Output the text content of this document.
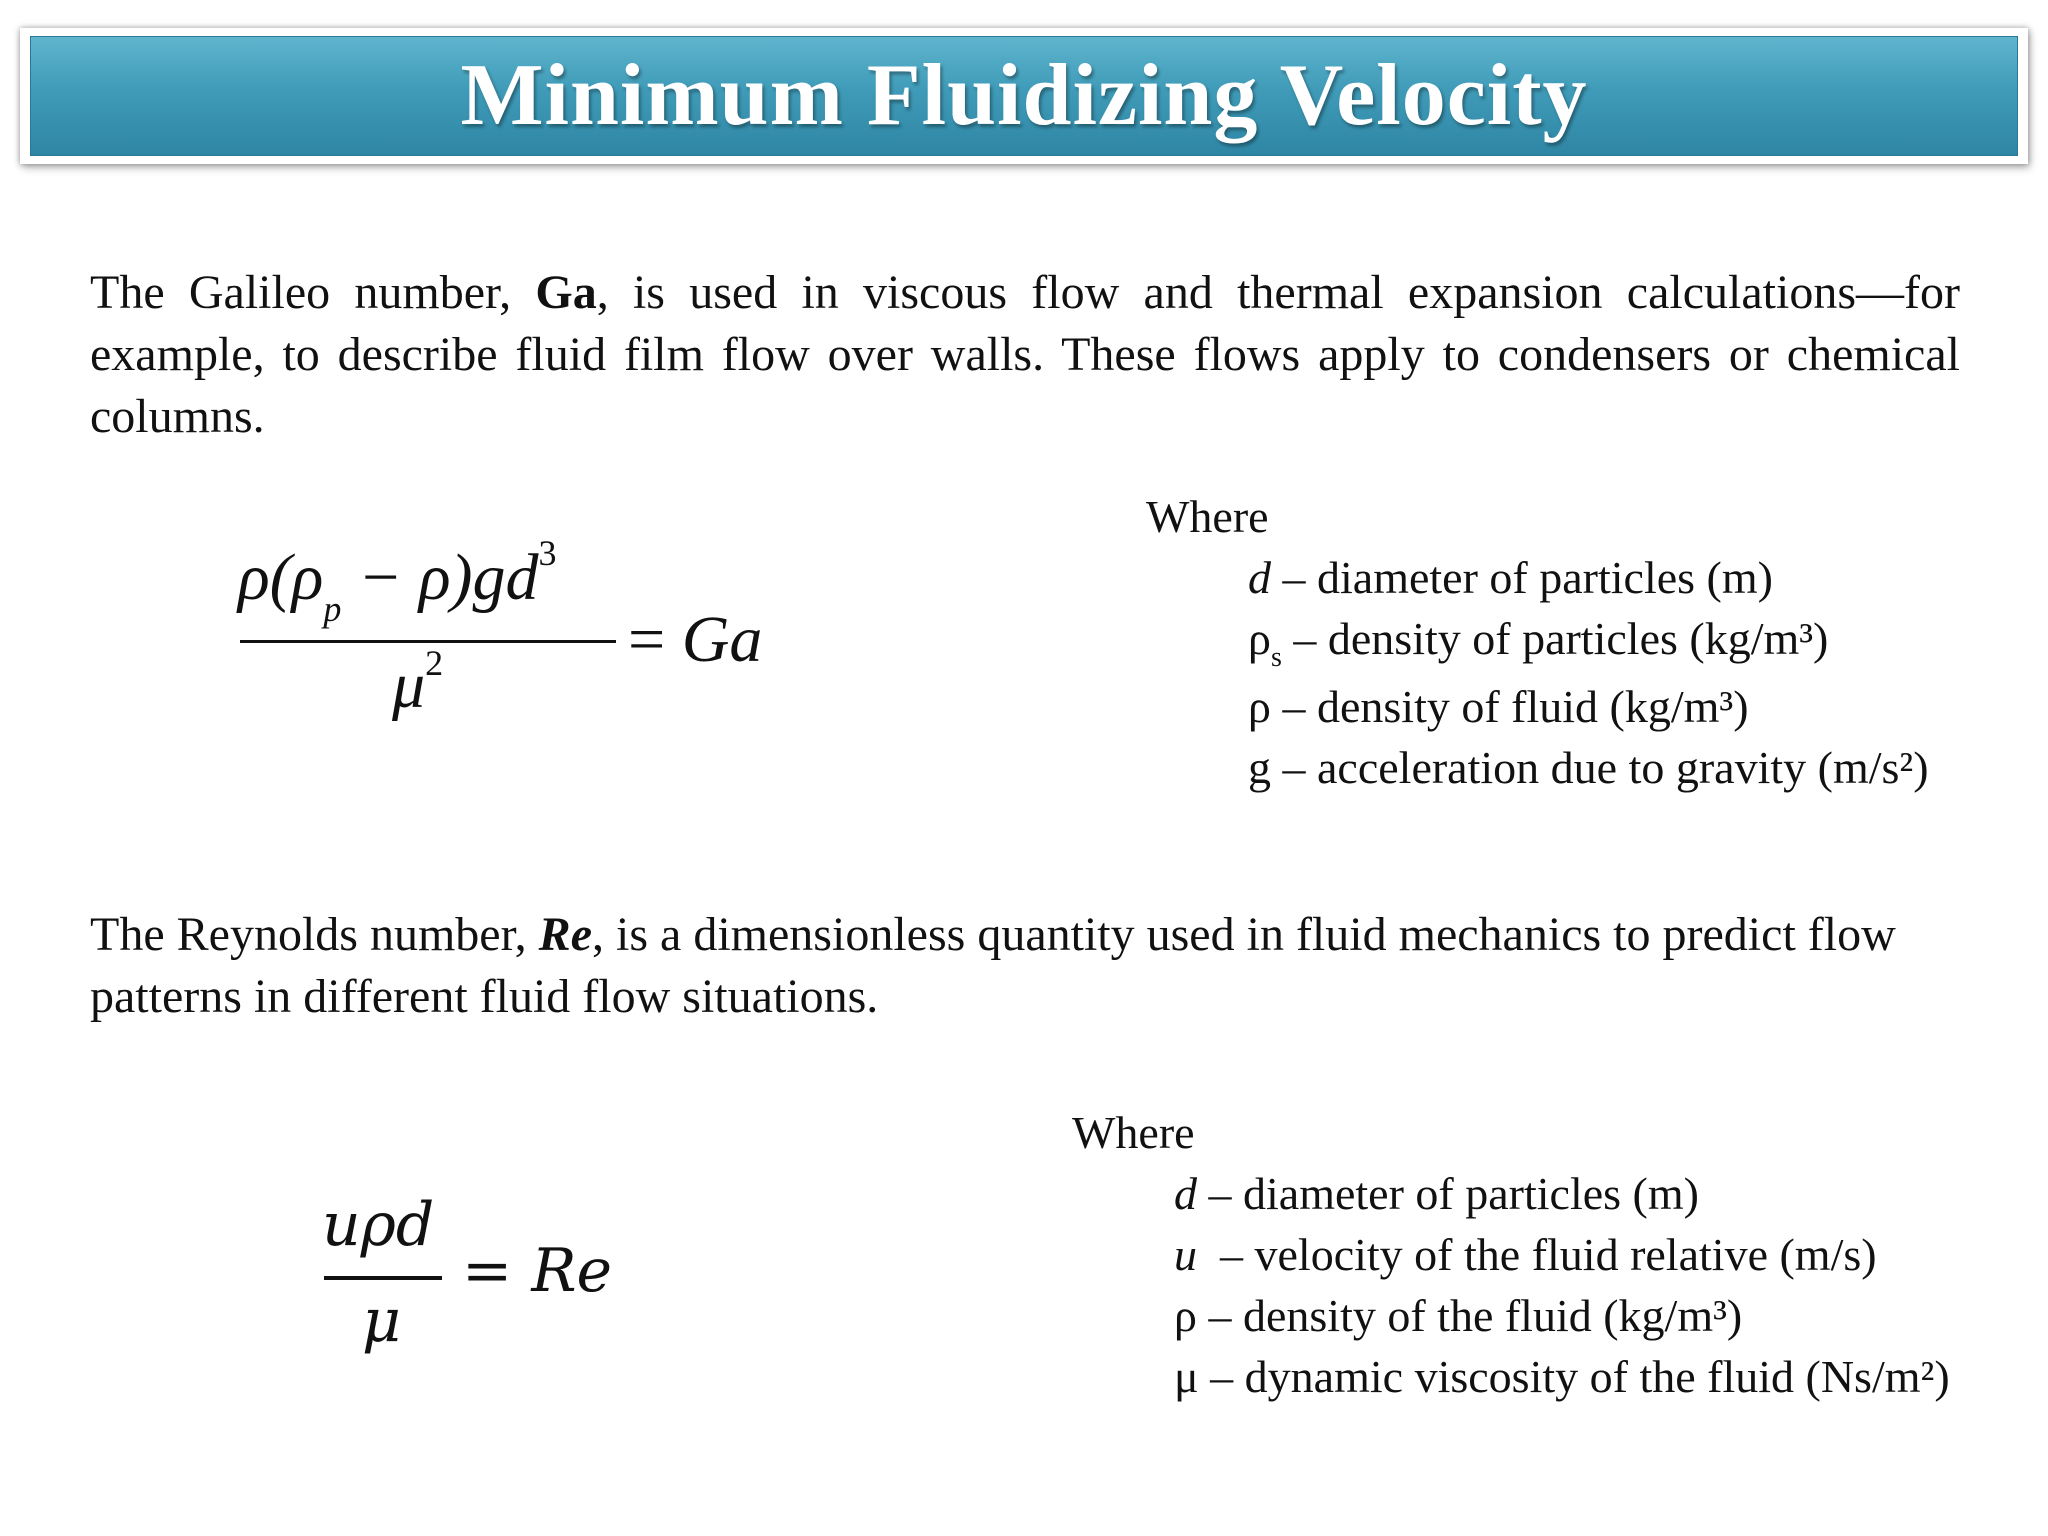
Minimum Fluidizing Velocity

The Galileo number, Ga, is used in viscous flow and thermal expansion calculations—for example, to describe fluid film flow over walls. These flows apply to condensers or chemical columns.

$\rho(\rho_p - \rho)gd^3$
$\mu^2$	= Ga
Where
d – diameter of particles (m)
$\rho_s$ – density of particles (kg/m³)
ρ – density of fluid (kg/m³)
g – acceleration due to gravity (m/s²)

The Reynolds number, Re, is a dimensionless quantity used in fluid mechanics to predict flow patterns in different fluid flow situations.

uρd
μ
= Re
Where
d – diameter of particles (m)
u  – velocity of the fluid relative (m/s)
ρ – density of the fluid (kg/m³)
μ – dynamic viscosity of the fluid (Ns/m²)
